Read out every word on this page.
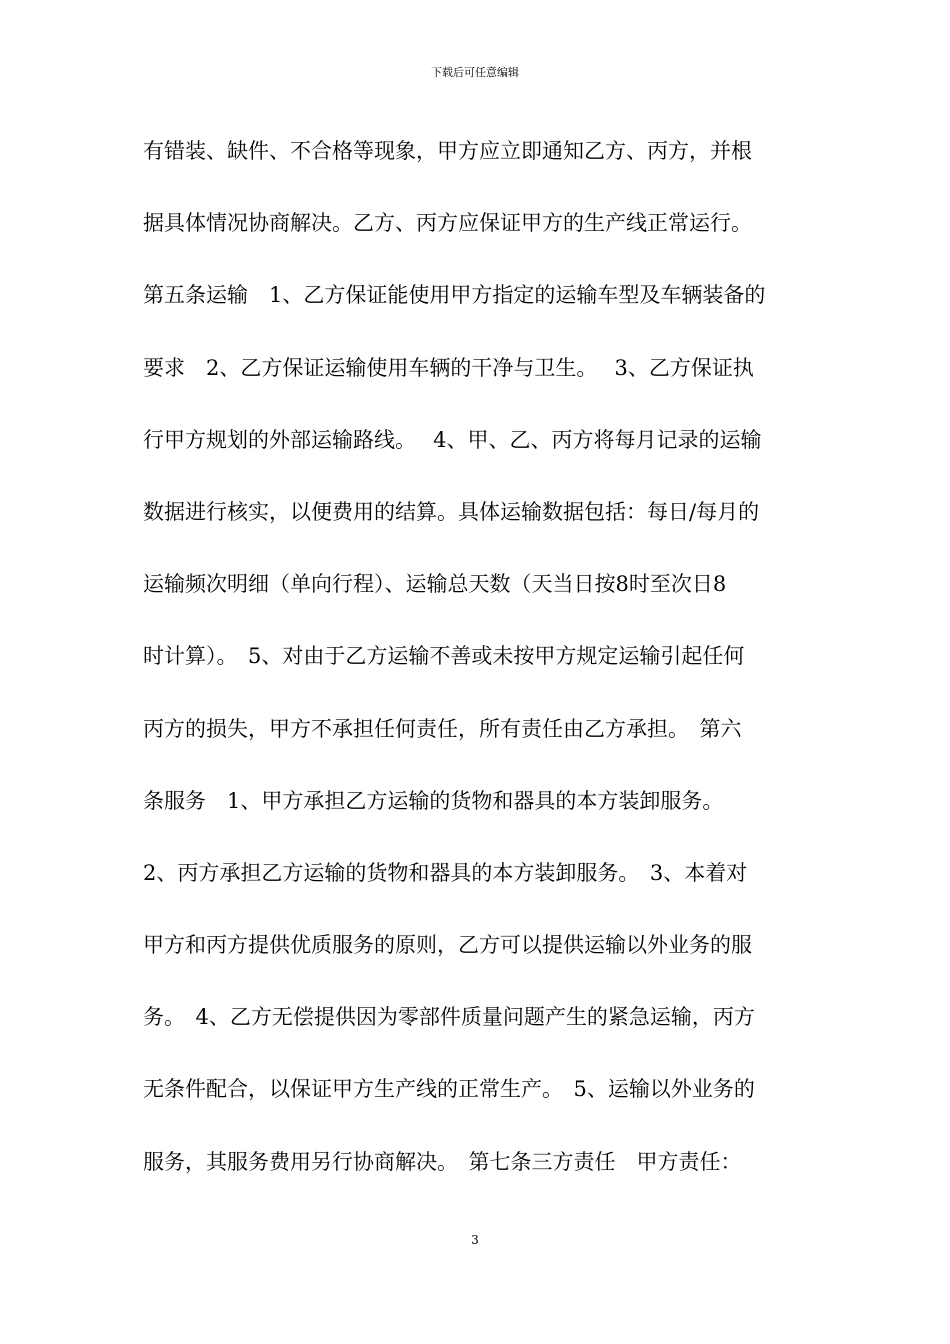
下载后可任意编辑
有错装、缺件、不合格等现象，甲方应立即通知乙方、丙方，并根
据具体情况协商解决。乙方、丙方应保证甲方的生产线正常运行。
第五条运输　1、乙方保证能使用甲方指定的运输车型及车辆装备的
要求　2、乙方保证运输使用车辆的干净与卫生。　 3、乙方保证执
行甲方规划的外部运输路线。　 4、甲、乙、丙方将每月记录的运输
数据进行核实，以便费用的结算。具体运输数据包括：每日/每月的
运输频次明细（单向行程）、运输总天数（天当日按8时至次日8
时计算）。　5、对由于乙方运输不善或未按甲方规定运输引起任何
丙方的损失，甲方不承担任何责任，所有责任由乙方承担。　第六
条服务　1、甲方承担乙方运输的货物和器具的本方装卸服务。
2、丙方承担乙方运输的货物和器具的本方装卸服务。　3、本着对
甲方和丙方提供优质服务的原则，乙方可以提供运输以外业务的服
务。　4、乙方无偿提供因为零部件质量问题产生的紧急运输，丙方
无条件配合，以保证甲方生产线的正常生产。　5、运输以外业务的
服务，其服务费用另行协商解决。　第七条三方责任　甲方责任：
3
